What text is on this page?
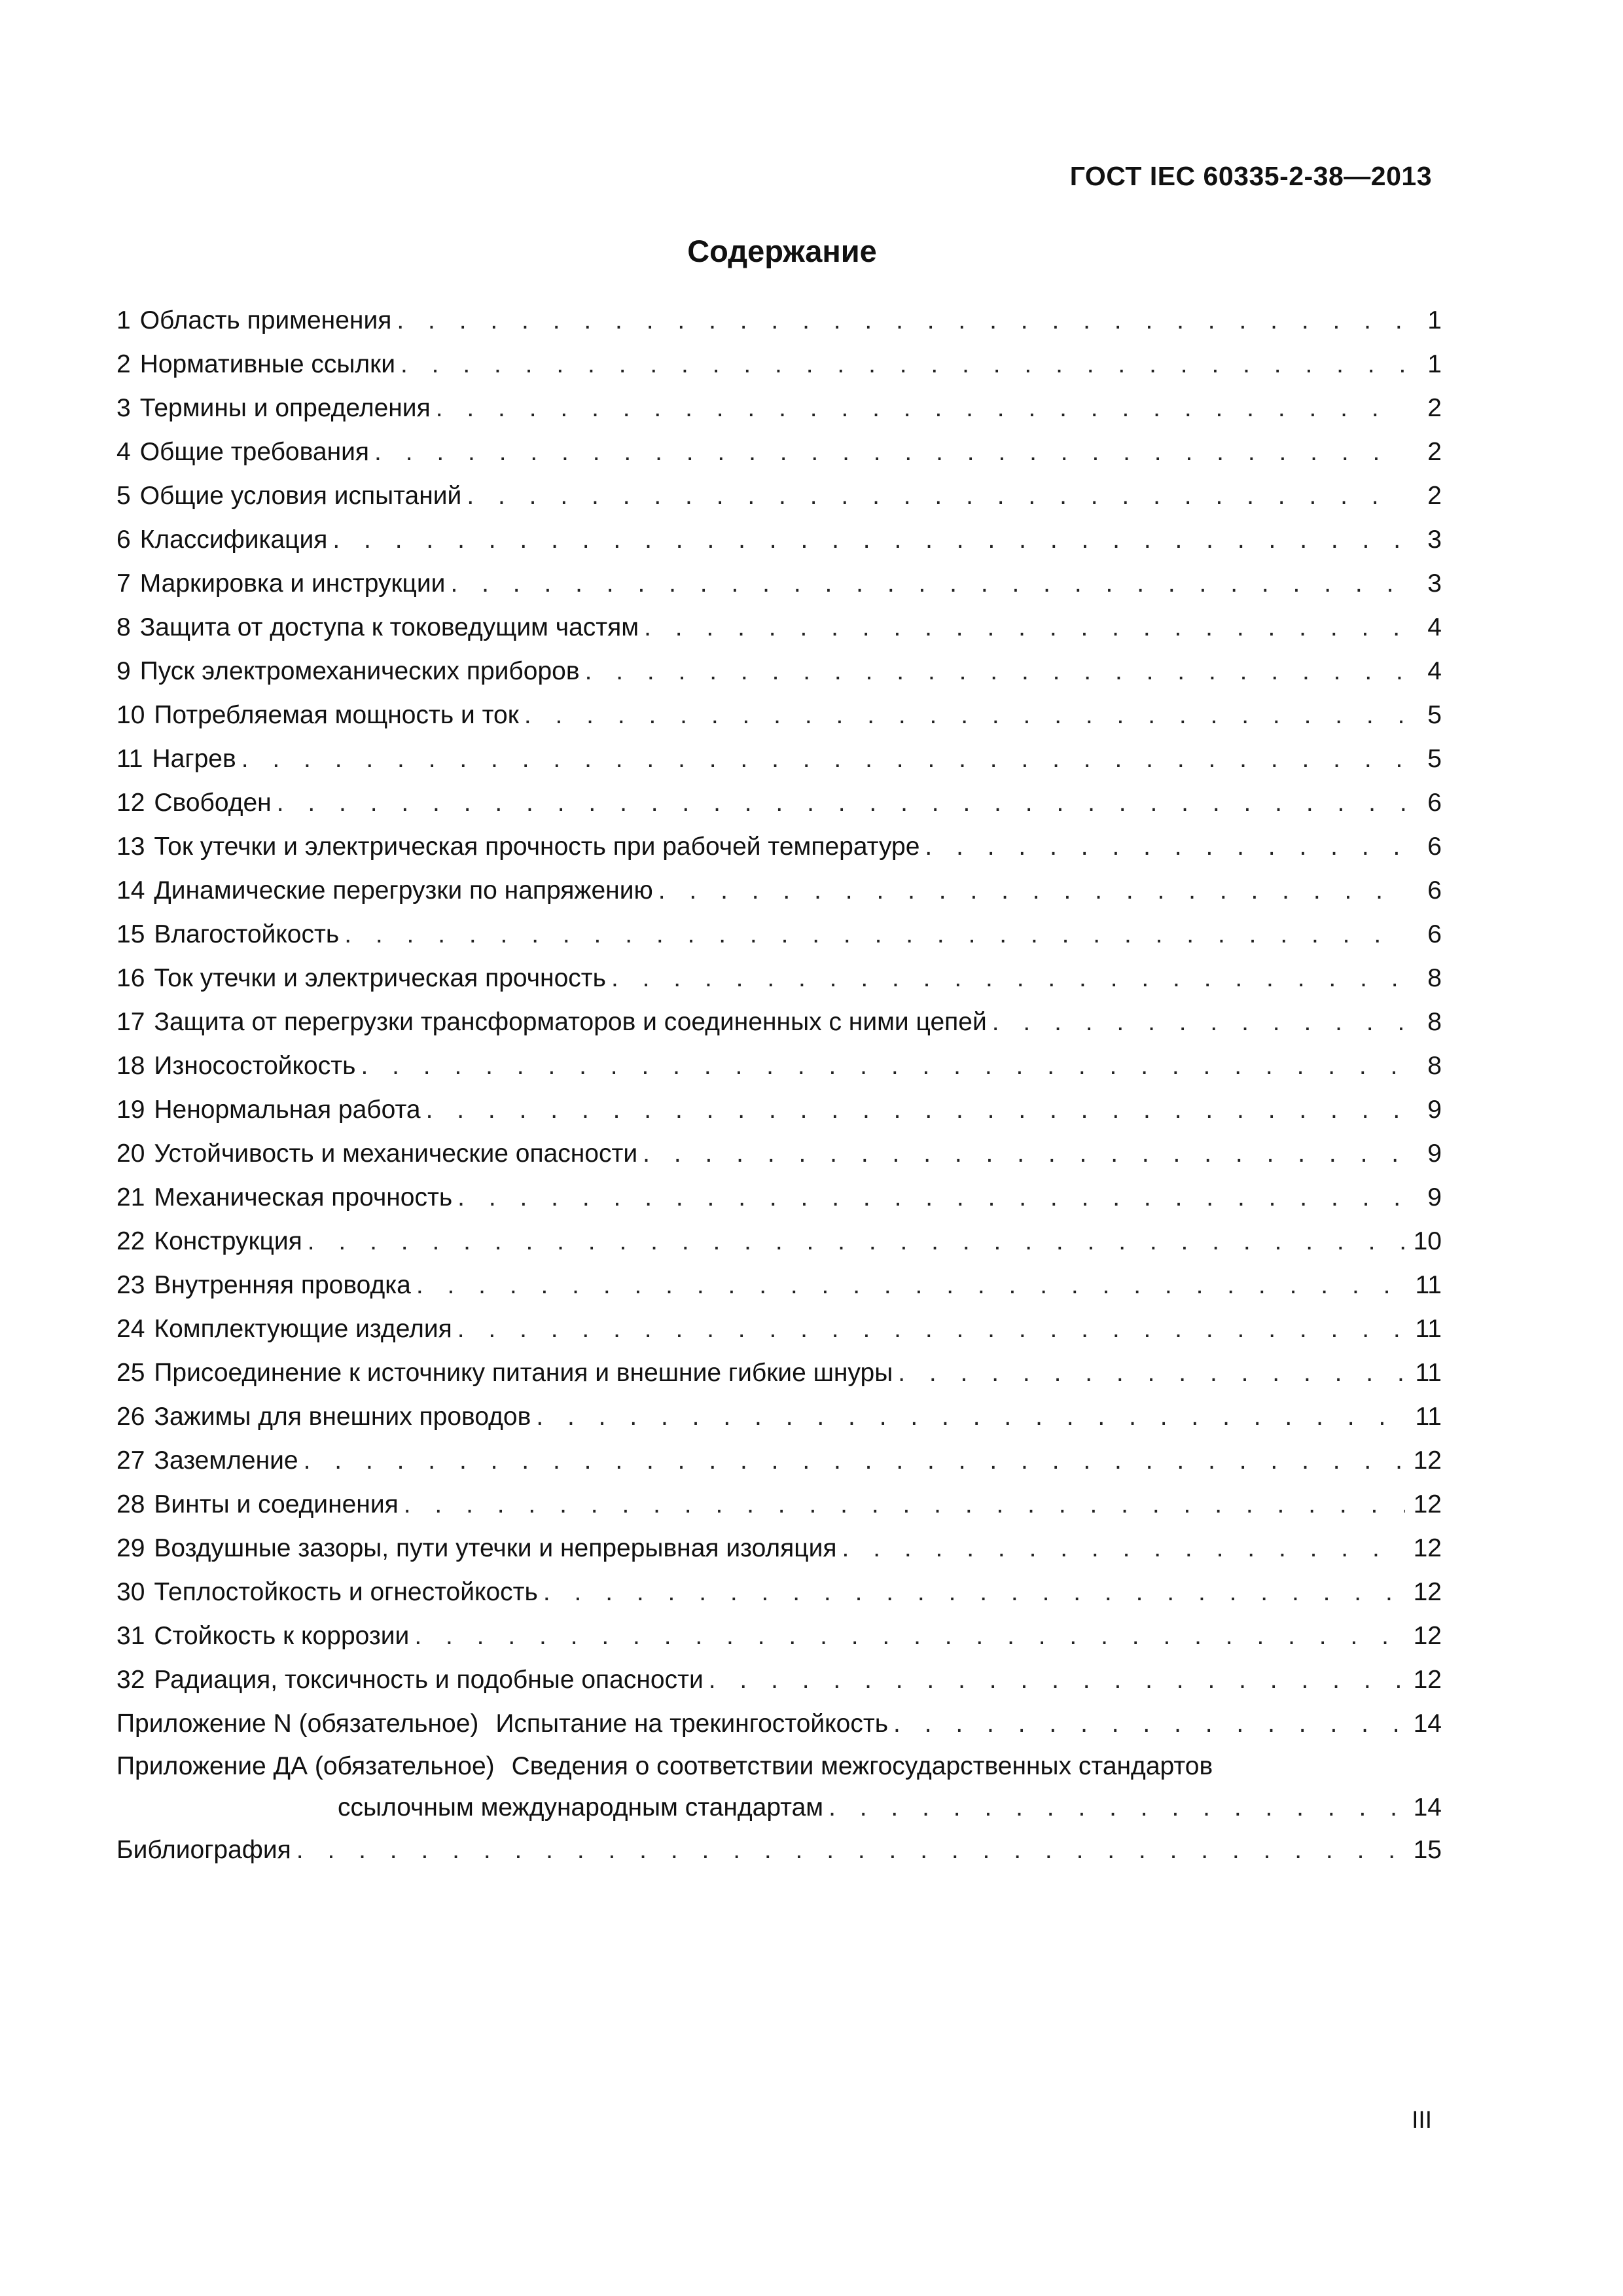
ГОСТ IEC 60335-2-38—2013
Содержание
1 Область применения . . .	1
2 Нормативные ссылки . . .	1
3 Термины и определения . . .	2
4 Общие требования . . .	2
5 Общие условия испытаний . . .	2
6 Классификация . . .	3
7 Маркировка и инструкции . . .	3
8 Защита от доступа к токоведущим частям . . .	4
9 Пуск электромеханических приборов . . .	4
10 Потребляемая мощность и ток . . .	5
11 Нагрев . . .	5
12 Свободен . . .	6
13 Ток утечки и электрическая прочность при рабочей температуре . . .	6
14 Динамические перегрузки по напряжению . . .	6
15 Влагостойкость . . .	6
16 Ток утечки и электрическая прочность . . .	8
17 Защита от перегрузки трансформаторов и соединенных с ними цепей . . .	8
18 Износостойкость . . .	8
19 Ненормальная работа . . .	9
20 Устойчивость и механические опасности . . .	9
21 Механическая прочность . . .	9
22 Конструкция . . .	10
23 Внутренняя проводка . . .	11
24 Комплектующие изделия . . .	11
25 Присоединение к источнику питания и внешние гибкие шнуры . . .	11
26 Зажимы для внешних проводов . . .	11
27 Заземление . . .	12
28 Винты и соединения . . .	12
29 Воздушные зазоры, пути утечки и непрерывная изоляция . . .	12
30 Теплостойкость и огнестойкость . . .	12
31 Стойкость к коррозии . . .	12
32 Радиация, токсичность и подобные опасности . . .	12
Приложение N (обязательное) Испытание на трекингостойкость . . .	14
Приложение ДА (обязательное) Сведения о соответствии межгосударственных стандартов
ссылочным международным стандартам . . .	14
Библиография . . .	15
III
